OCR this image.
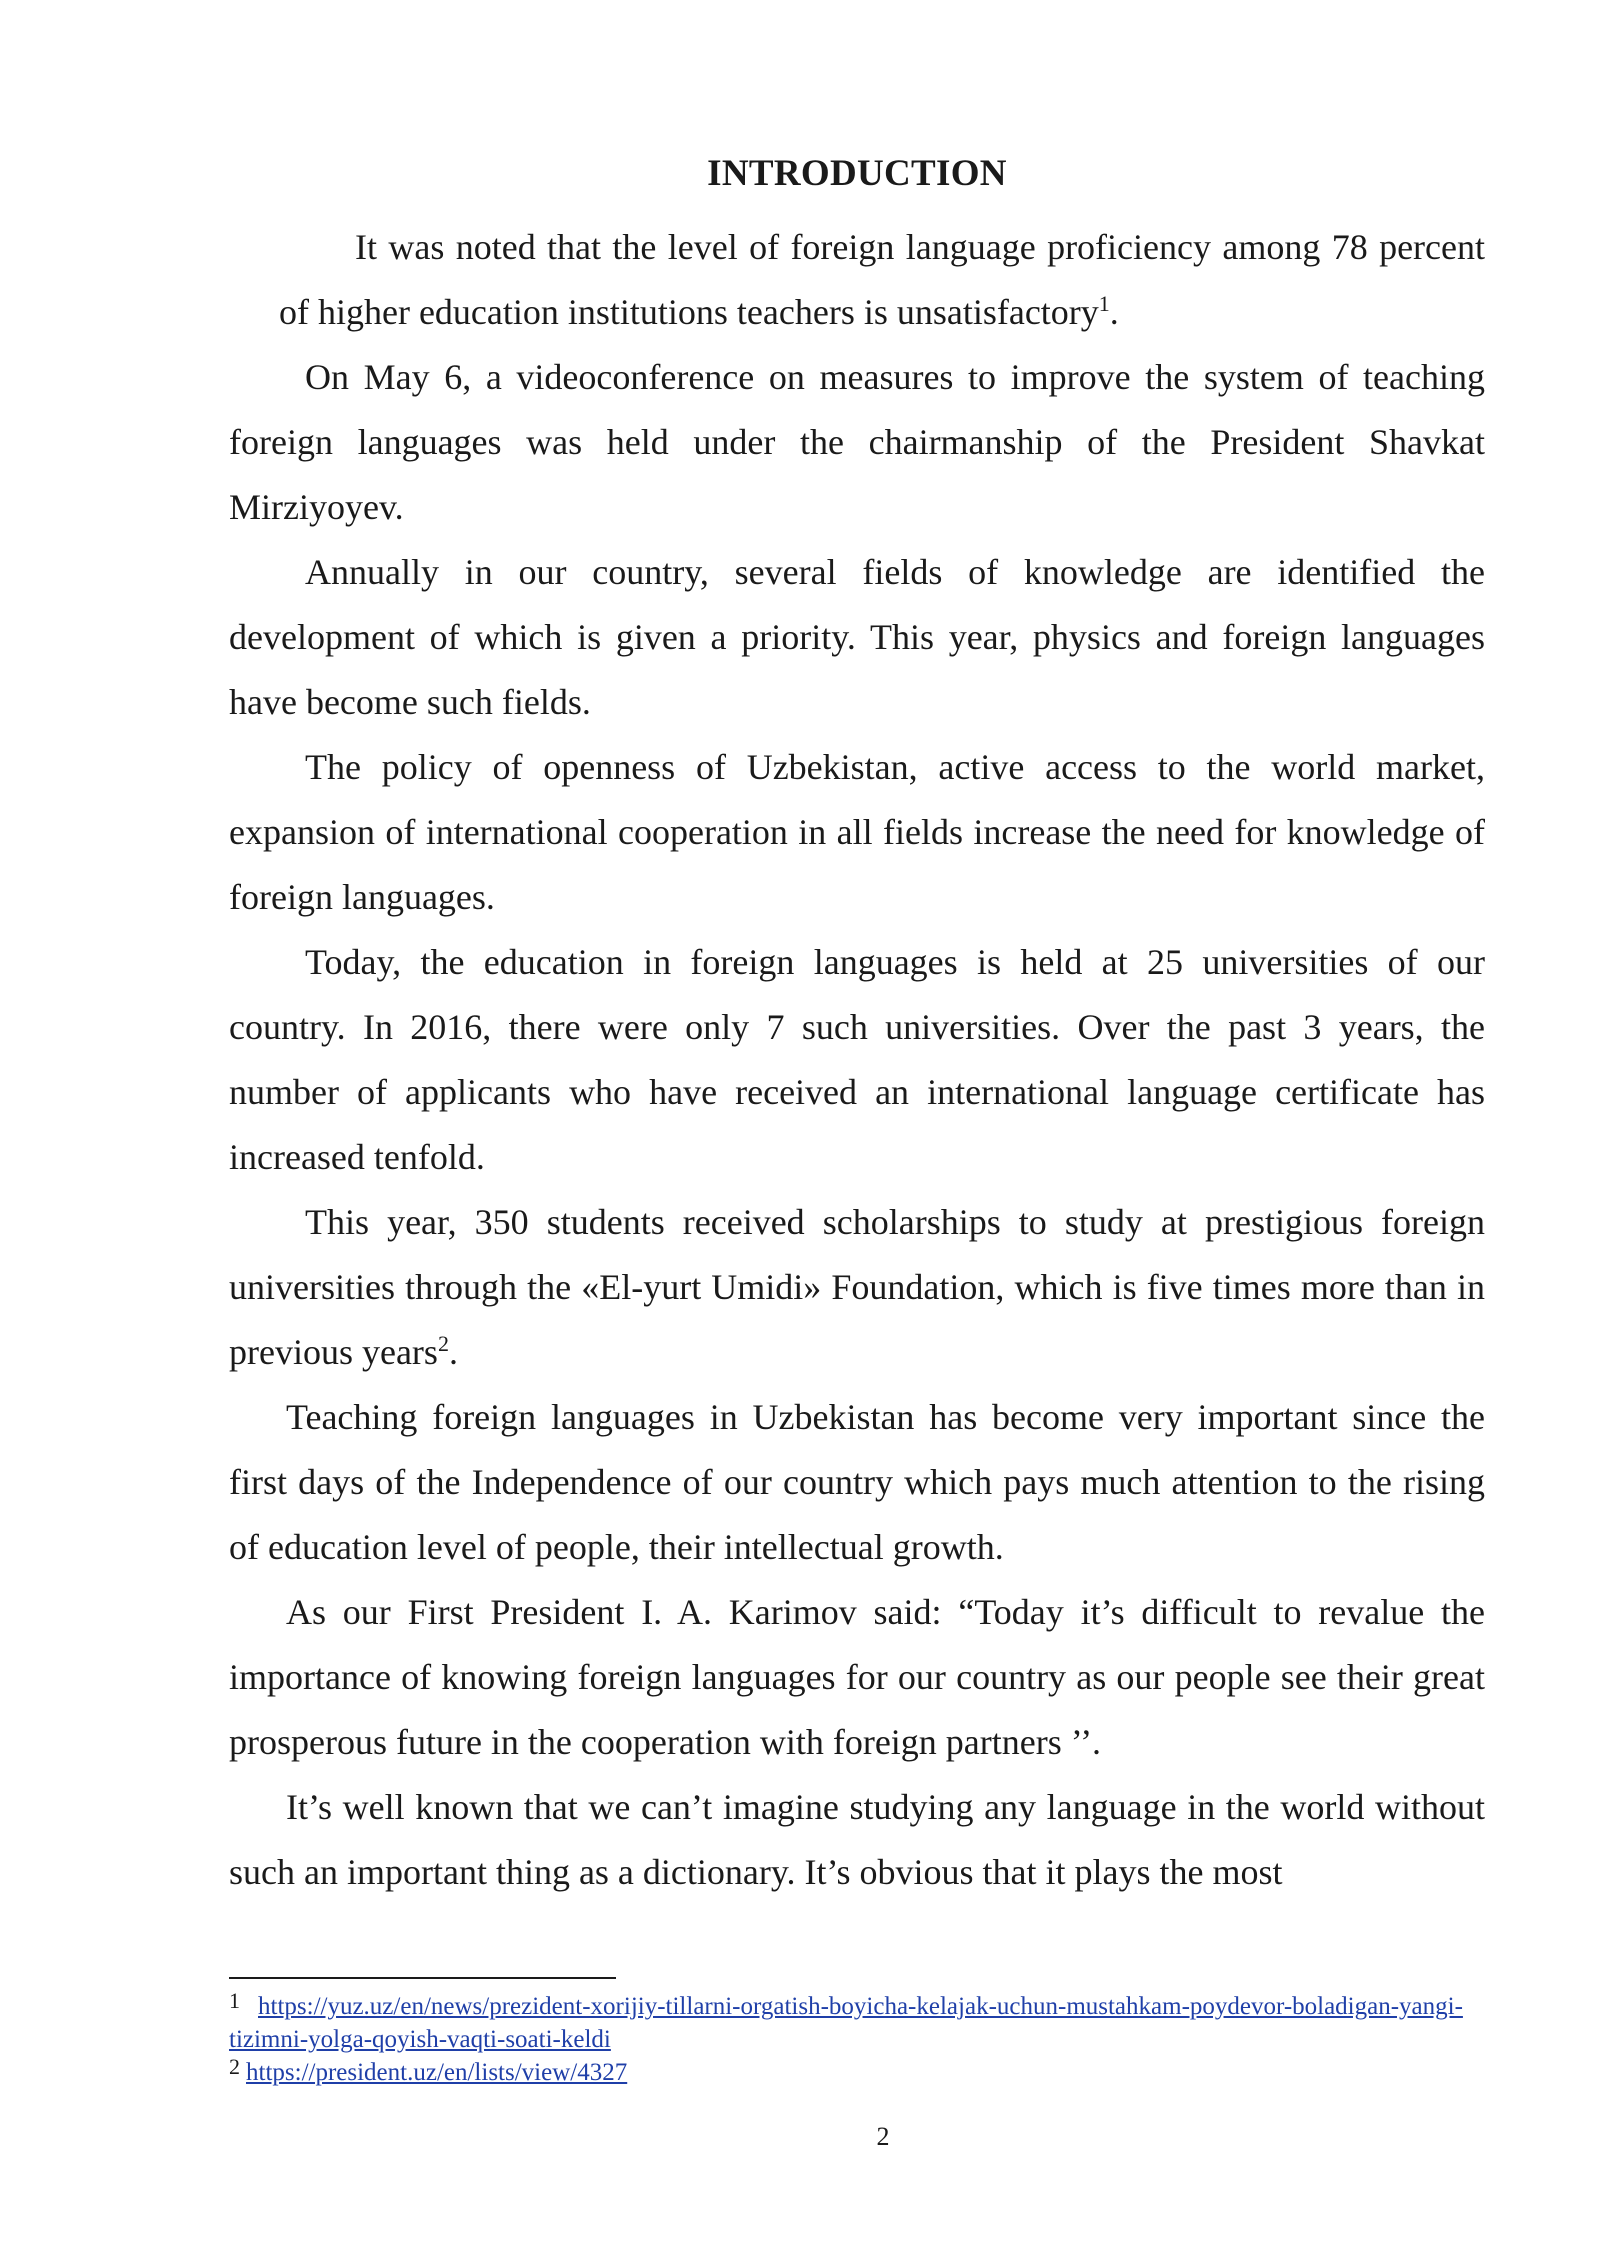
INTRODUCTION

It was noted that the level of foreign language proficiency among 78 percent of higher education institutions teachers is unsatisfactory$^1$.

On May 6, a videoconference on measures to improve the system of teaching foreign languages was held under the chairmanship of the President Shavkat Mirziyoyev.

Annually in our country, several fields of knowledge are identified the development of which is given a priority. This year, physics and foreign languages have become such fields.

The policy of openness of Uzbekistan, active access to the world market, expansion of international cooperation in all fields increase the need for knowledge of foreign languages.

Today, the education in foreign languages is held at 25 universities of our country. In 2016, there were only 7 such universities. Over the past 3 years, the number of applicants who have received an international language certificate has increased tenfold.

This year, 350 students received scholarships to study at prestigious foreign universities through the «El-yurt Umidi» Foundation, which is five times more than in previous years$^2$.

Teaching foreign languages in Uzbekistan has become very important since the first days of the Independence of our country which pays much attention to the rising of education level of people, their intellectual growth.

As our First President I. A. Karimov said: “Today it’s difficult to revalue the importance of knowing foreign languages for our country as our people see their great prosperous future in the cooperation with foreign partners ’’.

It’s well known that we can’t imagine studying any language in the world without such an important thing as a dictionary. It’s obvious that it plays the most

1 https://yuz.uz/en/news/prezident-xorijiy-tillarni-orgatish-boyicha-kelajak-uchun-mustahkam-poydevor-boladigan-yangi-tizimni-yolga-qoyish-vaqti-soati-keldi

2 https://president.uz/en/lists/view/4327

2
